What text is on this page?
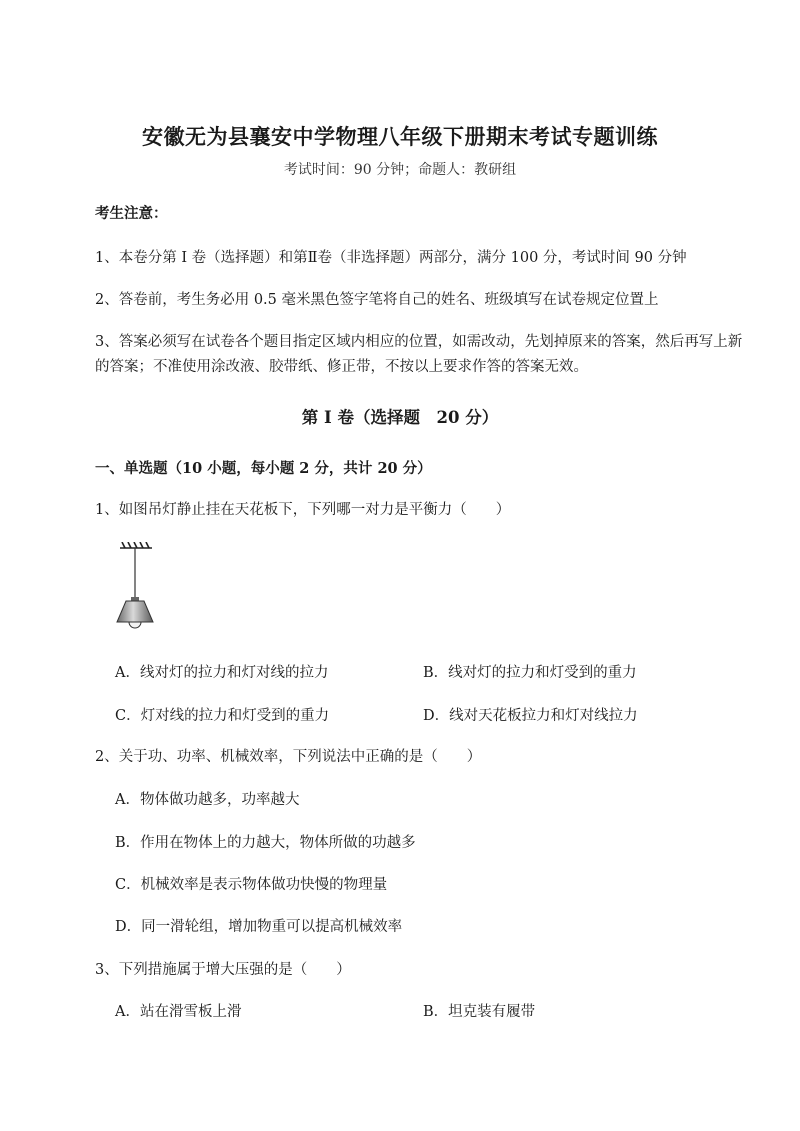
安徽无为县襄安中学物理八年级下册期末考试专题训练
考试时间：90 分钟；命题人：教研组
考生注意：
1、本卷分第 I 卷（选择题）和第Ⅱ卷（非选择题）两部分，满分 100 分，考试时间 90 分钟
2、答卷前，考生务必用 0.5 毫米黑色签字笔将自己的姓名、班级填写在试卷规定位置上
3、答案必须写在试卷各个题目指定区域内相应的位置，如需改动，先划掉原来的答案，然后再写上新
的答案；不准使用涂改液、胶带纸、修正带，不按以上要求作答的答案无效。
第 I 卷（选择题　20 分）
一、单选题（10 小题，每小题 2 分，共计 20 分）
1、如图吊灯静止挂在天花板下，下列哪一对力是平衡力（　　）
A．线对灯的拉力和灯对线的拉力	B．线对灯的拉力和灯受到的重力
C．灯对线的拉力和灯受到的重力	D．线对天花板拉力和灯对线拉力
2、关于功、功率、机械效率，下列说法中正确的是（　　）
A．物体做功越多，功率越大
B．作用在物体上的力越大，物体所做的功越多
C．机械效率是表示物体做功快慢的物理量
D．同一滑轮组，增加物重可以提高机械效率
3、下列措施属于增大压强的是（　　）
A．站在滑雪板上滑	B．坦克装有履带
